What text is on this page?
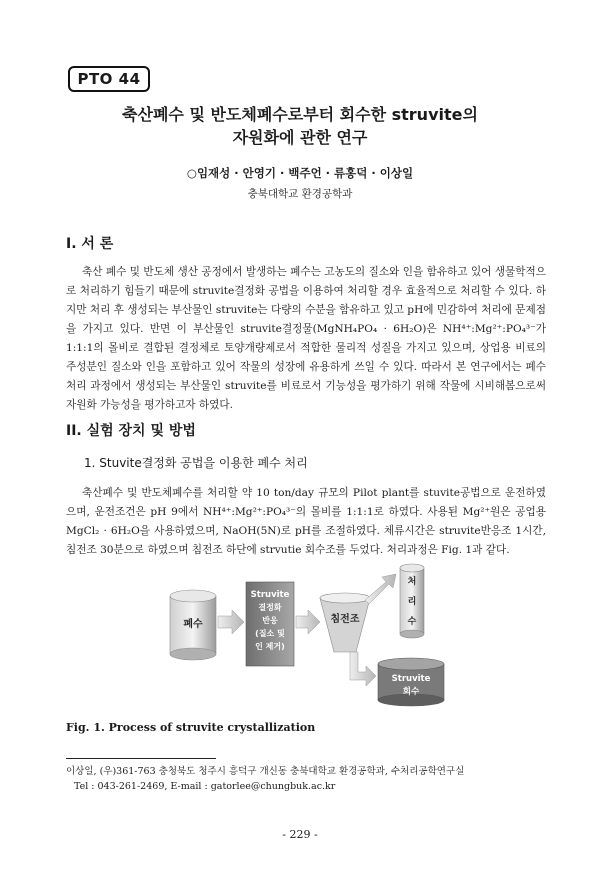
PTO 44
축산폐수 및 반도체폐수로부터 회수한 struvite의
자원화에 관한 연구
○임재성 · 안영기 · 백주언 · 류홍덕 · 이상일
충북대학교 환경공학과
I. 서 론

축산 폐수 및 반도체 생산 공정에서 발생하는 폐수는 고농도의 질소와 인을 함유하고 있어 생물학적으로 처리하기 힘들기 때문에 struvite결정화 공법을 이용하여 처리할 경우 효율적으로 처리할 수 있다. 하지만 처리 후 생성되는 부산물인 struvite는 다량의 수분을 함유하고 있고 pH에 민감하여 처리에 문제점을 가지고 있다. 반면 이 부산물인 struvite결정물(MgNH₄PO₄ · 6H₂O)은 NH⁴⁺:Mg²⁺:PO₄³⁻가 1:1:1의 몰비로 결합된 결정체로 토양개량제로서 적합한 물리적 성질을 가지고 있으며, 상업용 비료의 주성분인 질소와 인을 포함하고 있어 작물의 성장에 유용하게 쓰일 수 있다. 따라서 본 연구에서는 폐수처리 과정에서 생성되는 부산물인 struvite를 비료로서 기능성을 평가하기 위해 작물에 시비해봄으로써 자원화 가능성을 평가하고자 하였다.

II. 실험 장치 및 방법
1. Stuvite결정화 공법을 이용한 폐수 처리

축산폐수 및 반도체폐수를 처리할 약 10 ton/day 규모의 Pilot plant를 stuvite공법으로 운전하였으며, 운전조건은 pH 9에서 NH⁴⁺:Mg²⁺:PO₄³⁻의 몰비를 1:1:1로 하였다. 사용된 Mg²⁺원은 공업용 MgCl₂ · 6H₂O을 사용하였으며, NaOH(5N)로 pH를 조절하였다. 체류시간은 struvite반응조 1시간, 침전조 30분으로 하였으며 침전조 하단에 strvutie 회수조를 두었다. 처리과정은 Fig. 1과 같다.

폐수
Struvite
결정화
반응
(질소 및
인 제거)
침전조
처
리
수
Struvite
회수
Fig. 1. Process of struvite crystallization
이상일, (우)361-763 충청북도 청주시 흥덕구 개신동 충북대학교 환경공학과, 수처리공학연구실
Tel : 043-261-2469, E-mail : gatorlee@chungbuk.ac.kr
- 229 -
